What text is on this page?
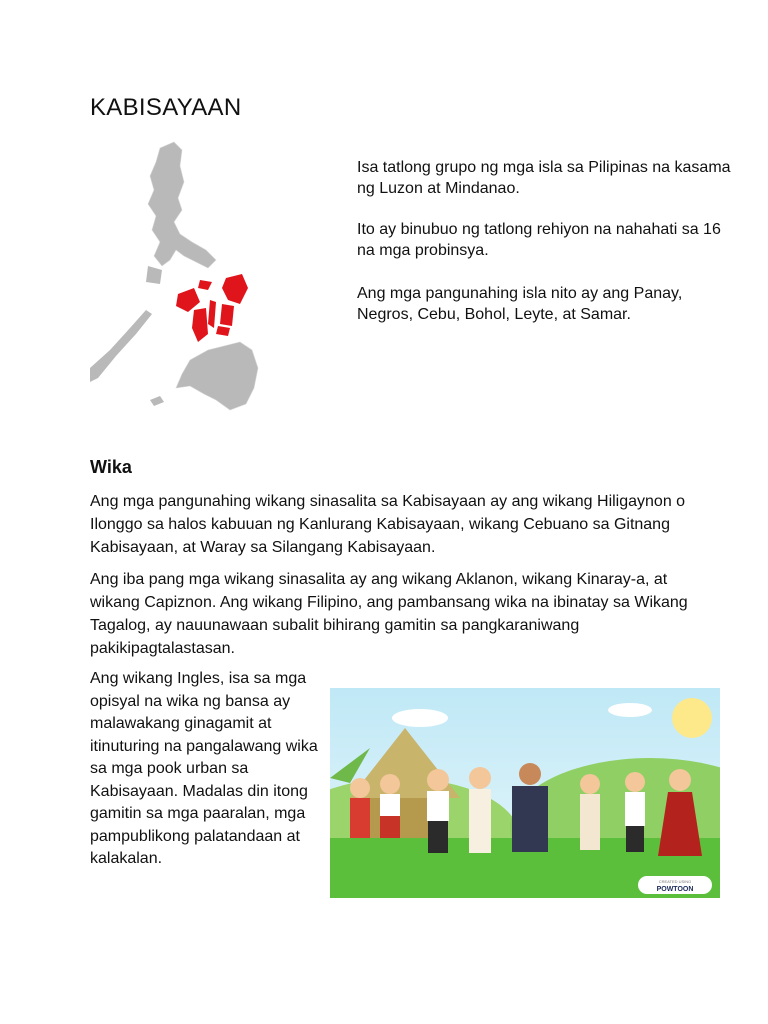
KABISAYAAN
Isa tatlong grupo ng mga isla sa Pilipinas na kasama ng Luzon at Mindanao.
Ito ay binubuo ng tatlong rehiyon na nahahati sa 16 na mga probinsya.
Ang mga pangunahing isla nito ay ang Panay, Negros, Cebu, Bohol, Leyte, at Samar.
Wika
Ang mga pangunahing wikang sinasalita sa Kabisayaan ay ang wikang Hiligaynon o Ilonggo sa halos kabuuan ng Kanlurang Kabisayaan, wikang Cebuano sa Gitnang Kabisayaan, at Waray sa Silangang Kabisayaan.
Ang iba pang mga wikang sinasalita ay ang wikang Aklanon, wikang Kinaray-a, at wikang Capiznon. Ang wikang Filipino, ang pambansang wika na ibinatay sa Wikang Tagalog, ay nauunawaan subalit bihirang gamitin sa pangkaraniwang pakikipagtalastasan.
Ang wikang Ingles, isa sa mga opisyal na wika ng bansa ay malawakang ginagamit at itinuturing na pangalawang wika sa mga pook urban sa Kabisayaan. Madalas din itong gamitin sa mga paaralan, mga pampublikong palatandaan at kalakalan.
CREATED USING
POWTOON
